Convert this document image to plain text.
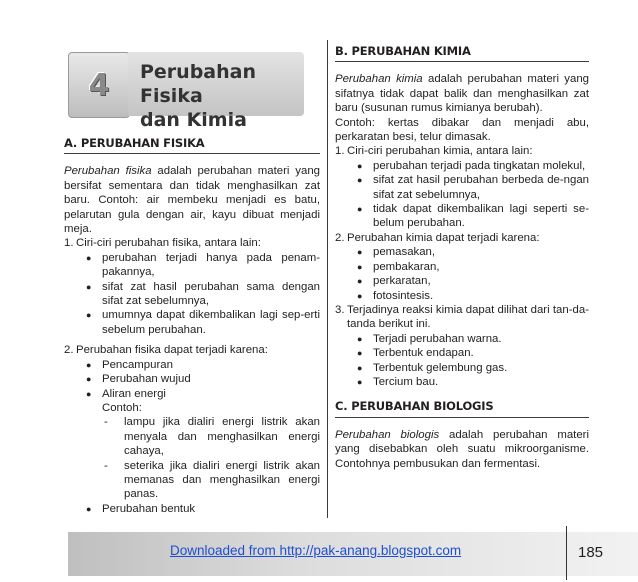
4 Perubahan Fisika
dan Kimia
A. PERUBAHAN FISIKA

Perubahan fisika adalah perubahan materi yang bersifat sementara dan tidak menghasilkan zat baru. Contoh: air membeku menjadi es batu, pelarutan gula dengan air, kayu dibuat menjadi meja.

1. Ciri-ciri perubahan fisika, antara lain:
● perubahan terjadi hanya pada penam-pakannya,
● sifat zat hasil perubahan sama dengan sifat zat sebelumnya,
● umumnya dapat dikembalikan lagi sep-erti sebelum perubahan.
2. Perubahan fisika dapat terjadi karena:
● Pencampuran
● Perubahan wujud
● Aliran energi
Contoh:
- lampu jika dialiri energi listrik akan menyala dan menghasilkan energi cahaya,
- seterika jika dialiri energi listrik akan memanas dan menghasilkan energi panas.
● Perubahan bentuk
B. PERUBAHAN KIMIA

Perubahan kimia adalah perubahan materi yang sifatnya tidak dapat balik dan menghasilkan zat baru (susunan rumus kimianya berubah).

Contoh: kertas dibakar dan menjadi abu, perkaratan besi, telur dimasak.

1. Ciri-ciri perubahan kimia, antara lain:
● perubahan terjadi pada tingkatan molekul,
● sifat zat hasil perubahan berbeda de-ngan sifat zat sebelumnya,
● tidak dapat dikembalikan lagi seperti se-belum perubahan.
2. Perubahan kimia dapat terjadi karena:
● pemasakan,
● pembakaran,
● perkaratan,
● fotosintesis.
3. Terjadinya reaksi kimia dapat dilihat dari tan-da-tanda berikut ini.
● Terjadi perubahan warna.
● Terbentuk endapan.
● Terbentuk gelembung gas.
● Tercium bau.
C. PERUBAHAN BIOLOGIS

Perubahan biologis adalah perubahan materi yang disebabkan oleh suatu mikroorganisme. Contohnya pembusukan dan fermentasi.

Downloaded from http://pak-anang.blogspot.com	185
